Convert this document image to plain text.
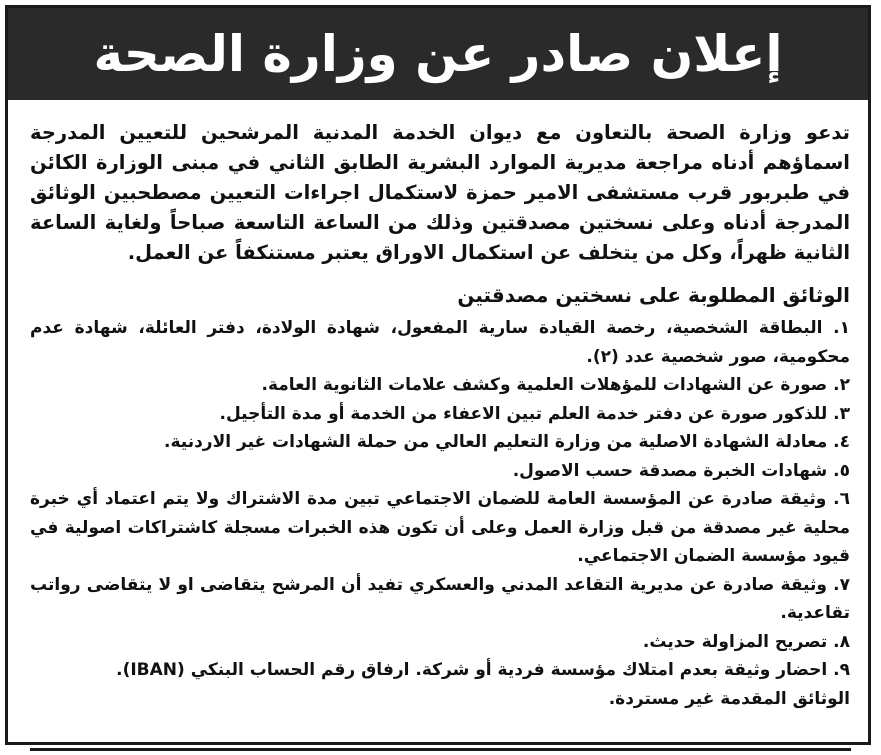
إعلان صادر عن وزارة الصحة

تدعو وزارة الصحة بالتعاون مع ديوان الخدمة المدنية المرشحين للتعيين المدرجة اسماؤهم أدناه مراجعة مديرية الموارد البشرية الطابق الثاني في مبنى الوزارة الكائن في طبربور قرب مستشفى الامير حمزة لاستكمال اجراءات التعيين مصطحبين الوثائق المدرجة أدناه وعلى نسختين مصدقتين وذلك من الساعة التاسعة صباحاً ولغاية الساعة الثانية ظهراً، وكل من يتخلف عن استكمال الاوراق يعتبر مستنكفاً عن العمل.

الوثائق المطلوبة على نسختين مصدقتين
١. البطاقة الشخصية، رخصة القيادة سارية المفعول، شهادة الولادة، دفتر العائلة، شهادة عدم محكومية، صور شخصية عدد (٢).
٢. صورة عن الشهادات للمؤهلات العلمية وكشف علامات الثانوية العامة.
٣. للذكور صورة عن دفتر خدمة العلم تبين الاعفاء من الخدمة أو مدة التأجيل.
٤. معادلة الشهادة الاصلية من وزارة التعليم العالي من حملة الشهادات غير الاردنية.
٥. شهادات الخبرة مصدقة حسب الاصول.
٦. وثيقة صادرة عن المؤسسة العامة للضمان الاجتماعي تبين مدة الاشتراك ولا يتم اعتماد أي خبرة محلية غير مصدقة من قبل وزارة العمل وعلى أن تكون هذه الخبرات مسجلة كاشتراكات اصولية في قيود مؤسسة الضمان الاجتماعي.
٧. وثيقة صادرة عن مديرية التقاعد المدني والعسكري تفيد أن المرشح يتقاضى او لا يتقاضى رواتب تقاعدية.
٨. تصريح المزاولة حديث.
٩. احضار وثيقة بعدم امتلاك مؤسسة فردية أو شركة. ارفاق رقم الحساب البنكي (IBAN).

الوثائق المقدمة غير مستردة.
